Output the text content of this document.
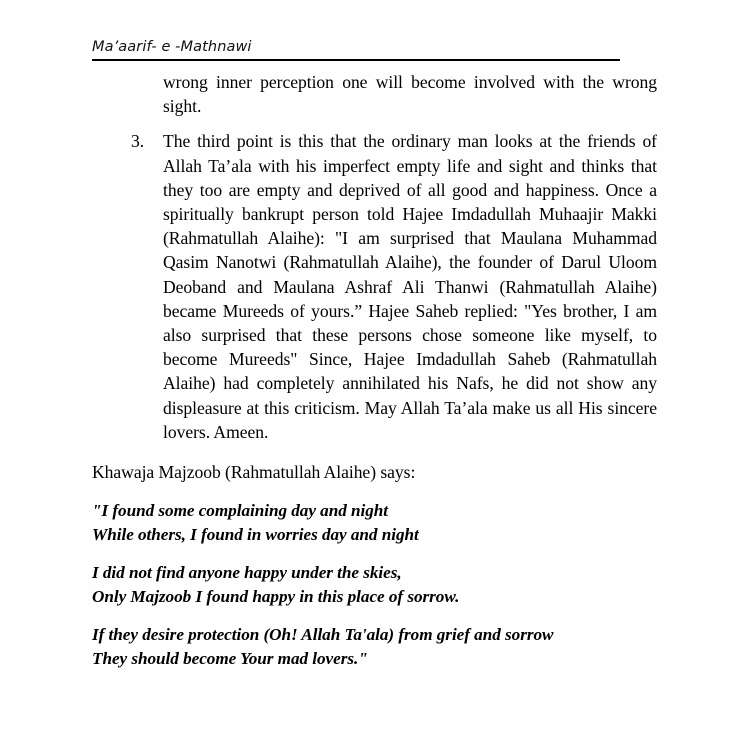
Ma’aarif- e -Mathnawi
wrong inner perception one will become involved with the wrong sight.
3.	The third point is this that the ordinary man looks at the friends of Allah Ta’ala with his imperfect empty life and sight and thinks that they too are empty and deprived of all good and happiness. Once a spiritually bankrupt person told Hajee Imdadullah Muhaajir Makki (Rahmatullah Alaihe): "I am surprised that Maulana Muhammad Qasim Nanotwi (Rahmatullah Alaihe), the founder of Darul Uloom Deoband and Maulana Ashraf Ali Thanwi (Rahmatullah Alaihe) became Mureeds of yours.” Hajee Saheb replied: "Yes brother, I am also surprised that these persons chose someone like myself, to become Mureeds" Since, Hajee Imdadullah Saheb (Rahmatullah Alaihe) had completely annihilated his Nafs, he did not show any displeasure at this criticism. May Allah Ta’ala make us all His sincere lovers. Ameen.
Khawaja Majzoob (Rahmatullah Alaihe) says:
"I found some complaining day and night
While others, I found in worries day and night
I did not find anyone happy under the skies,
Only Majzoob I found happy in this place of sorrow.
If they desire protection (Oh! Allah Ta'ala) from grief and sorrow
They should become Your mad lovers."
